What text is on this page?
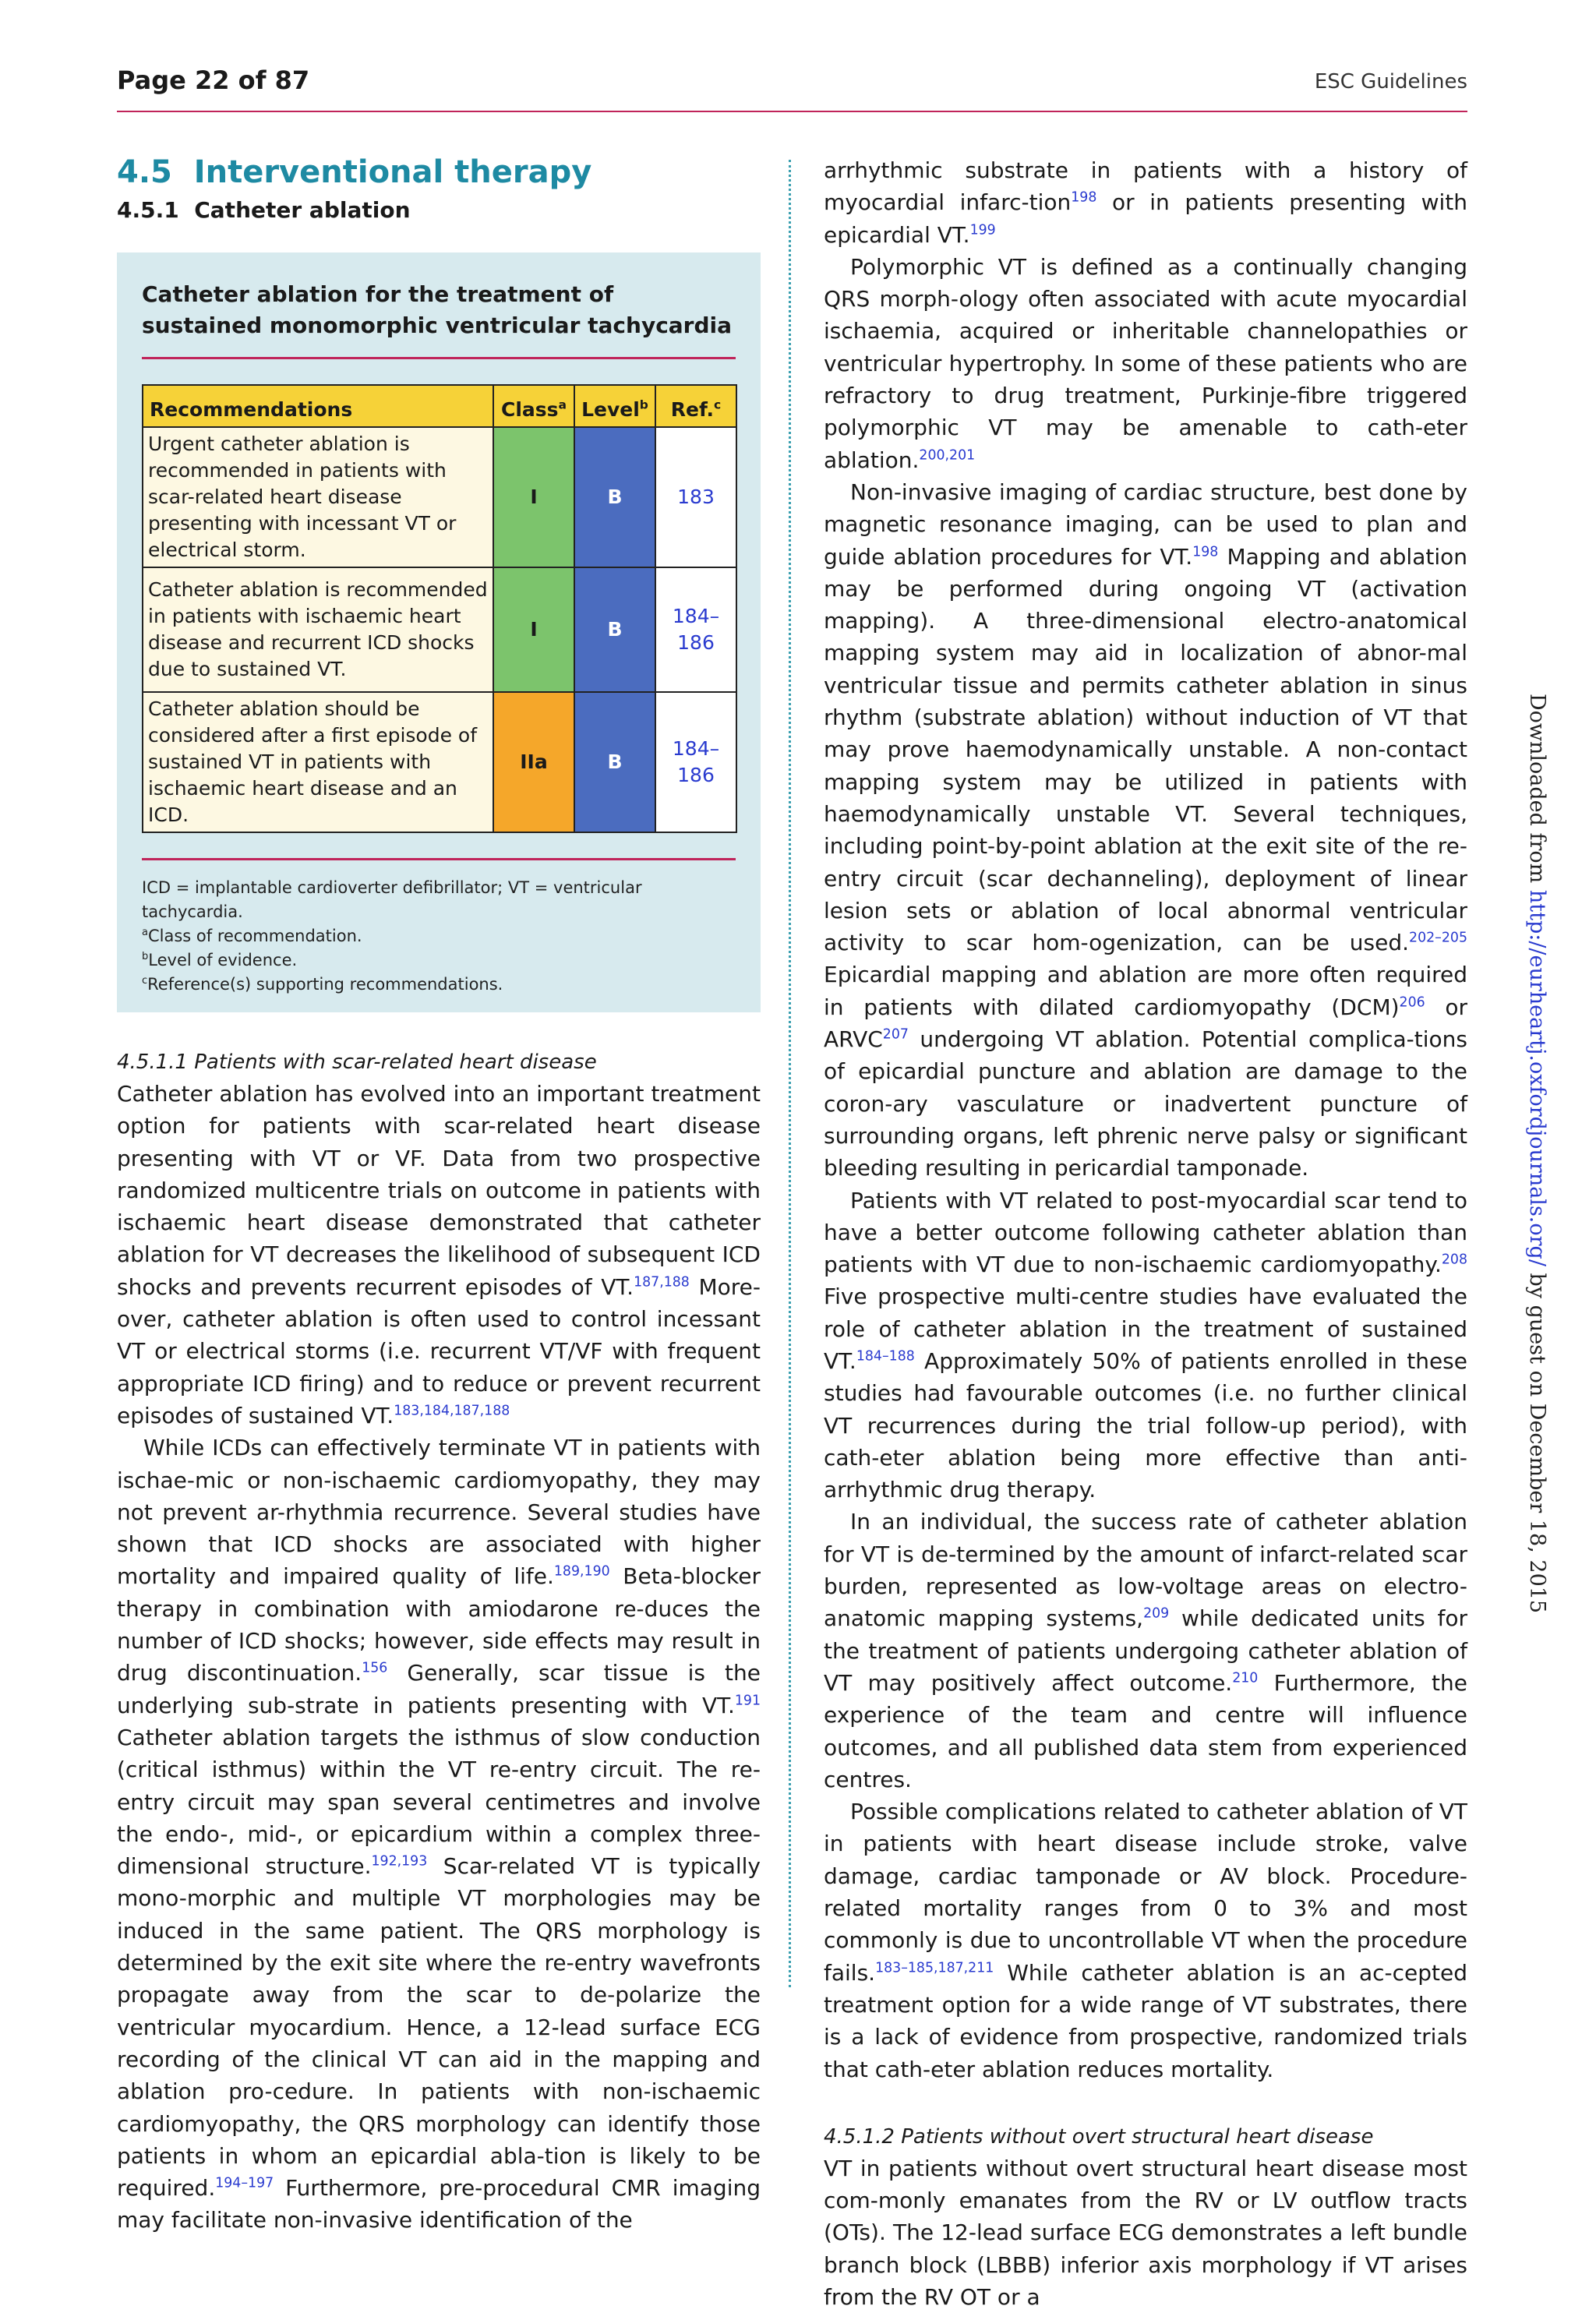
Page 22 of 87	ESC Guidelines
4.5 Interventional therapy
4.5.1 Catheter ablation
Catheter ablation for the treatment of sustained monomorphic ventricular tachycardia
Recommendations	Class$^a$	Level$^b$	Ref.$^c$
Urgent catheter ablation is recommended in patients with scar-related heart disease presenting with incessant VT or electrical storm.	I	B	183

Catheter ablation is recommended in patients with ischaemic heart disease and recurrent ICD shocks due to sustained VT.	I	B	184–
186
Catheter ablation should be considered after a first episode of sustained VT in patients with ischaemic heart disease and an ICD.	IIa	B	184–
186
ICD = implantable cardioverter defibrillator; VT = ventricular tachycardia.
$^a$Class of recommendation.
$^b$Level of evidence.
$^c$Reference(s) supporting recommendations.
4.5.1.1 Patients with scar-related heart disease

Catheter ablation has evolved into an important treatment option for patients with scar-related heart disease presenting with VT or VF. Data from two prospective randomized multicentre trials on outcome in patients with ischaemic heart disease demonstrated that catheter ablation for VT decreases the likelihood of subsequent ICD shocks and prevents recurrent episodes of VT.$^{187,188}$ More-over, catheter ablation is often used to control incessant VT or electrical storms (i.e. recurrent VT/VF with frequent appropriate ICD firing) and to reduce or prevent recurrent episodes of sustained VT.$^{183,184,187,188}$

While ICDs can effectively terminate VT in patients with ischae-mic or non-ischaemic cardiomyopathy, they may not prevent ar-rhythmia recurrence. Several studies have shown that ICD shocks are associated with higher mortality and impaired quality of life.$^{189,190}$ Beta-blocker therapy in combination with amiodarone re-duces the number of ICD shocks; however, side effects may result in drug discontinuation.$^{156}$ Generally, scar tissue is the underlying sub-strate in patients presenting with VT.$^{191}$ Catheter ablation targets the isthmus of slow conduction (critical isthmus) within the VT re-entry circuit. The re-entry circuit may span several centimetres and involve the endo-, mid-, or epicardium within a complex three-dimensional structure.$^{192,193}$ Scar-related VT is typically mono-morphic and multiple VT morphologies may be induced in the same patient. The QRS morphology is determined by the exit site where the re-entry wavefronts propagate away from the scar to de-polarize the ventricular myocardium. Hence, a 12-lead surface ECG recording of the clinical VT can aid in the mapping and ablation pro-cedure. In patients with non-ischaemic cardiomyopathy, the QRS morphology can identify those patients in whom an epicardial abla-tion is likely to be required.$^{194-197}$ Furthermore, pre-procedural CMR imaging may facilitate non-invasive identification of the

arrhythmic substrate in patients with a history of myocardial infarc-tion$^{198}$ or in patients presenting with epicardial VT.$^{199}$

Polymorphic VT is defined as a continually changing QRS morph-ology often associated with acute myocardial ischaemia, acquired or inheritable channelopathies or ventricular hypertrophy. In some of these patients who are refractory to drug treatment, Purkinje-fibre triggered polymorphic VT may be amenable to cath-eter ablation.$^{200,201}$

Non-invasive imaging of cardiac structure, best done by magnetic resonance imaging, can be used to plan and guide ablation procedures for VT.$^{198}$ Mapping and ablation may be performed during ongoing VT (activation mapping). A three-dimensional electro-anatomical mapping system may aid in localization of abnor-mal ventricular tissue and permits catheter ablation in sinus rhythm (substrate ablation) without induction of VT that may prove haemodynamically unstable. A non-contact mapping system may be utilized in patients with haemodynamically unstable VT. Several techniques, including point-by-point ablation at the exit site of the re-entry circuit (scar dechanneling), deployment of linear lesion sets or ablation of local abnormal ventricular activity to scar hom-ogenization, can be used.$^{202-205}$ Epicardial mapping and ablation are more often required in patients with dilated cardiomyopathy (DCM)$^{206}$ or ARVC$^{207}$ undergoing VT ablation. Potential complica-tions of epicardial puncture and ablation are damage to the coron-ary vasculature or inadvertent puncture of surrounding organs, left phrenic nerve palsy or significant bleeding resulting in pericardial tamponade.

Patients with VT related to post-myocardial scar tend to have a better outcome following catheter ablation than patients with VT due to non-ischaemic cardiomyopathy.$^{208}$ Five prospective multi-centre studies have evaluated the role of catheter ablation in the treatment of sustained VT.$^{184-188}$ Approximately 50% of patients enrolled in these studies had favourable outcomes (i.e. no further clinical VT recurrences during the trial follow-up period), with cath-eter ablation being more effective than anti-arrhythmic drug therapy.

In an individual, the success rate of catheter ablation for VT is de-termined by the amount of infarct-related scar burden, represented as low-voltage areas on electro-anatomic mapping systems,$^{209}$ while dedicated units for the treatment of patients undergoing catheter ablation of VT may positively affect outcome.$^{210}$ Furthermore, the experience of the team and centre will influence outcomes, and all published data stem from experienced centres.

Possible complications related to catheter ablation of VT in patients with heart disease include stroke, valve damage, cardiac tamponade or AV block. Procedure-related mortality ranges from 0 to 3% and most commonly is due to uncontrollable VT when the procedure fails.$^{183-185,187,211}$ While catheter ablation is an ac-cepted treatment option for a wide range of VT substrates, there is a lack of evidence from prospective, randomized trials that cath-eter ablation reduces mortality.

4.5.1.2 Patients without overt structural heart disease

VT in patients without overt structural heart disease most com-monly emanates from the RV or LV outflow tracts (OTs). The 12-lead surface ECG demonstrates a left bundle branch block (LBBB) inferior axis morphology if VT arises from the RV OT or a

Downloaded from http://eurheartj.oxfordjournals.org/ by guest on December 18, 2015
